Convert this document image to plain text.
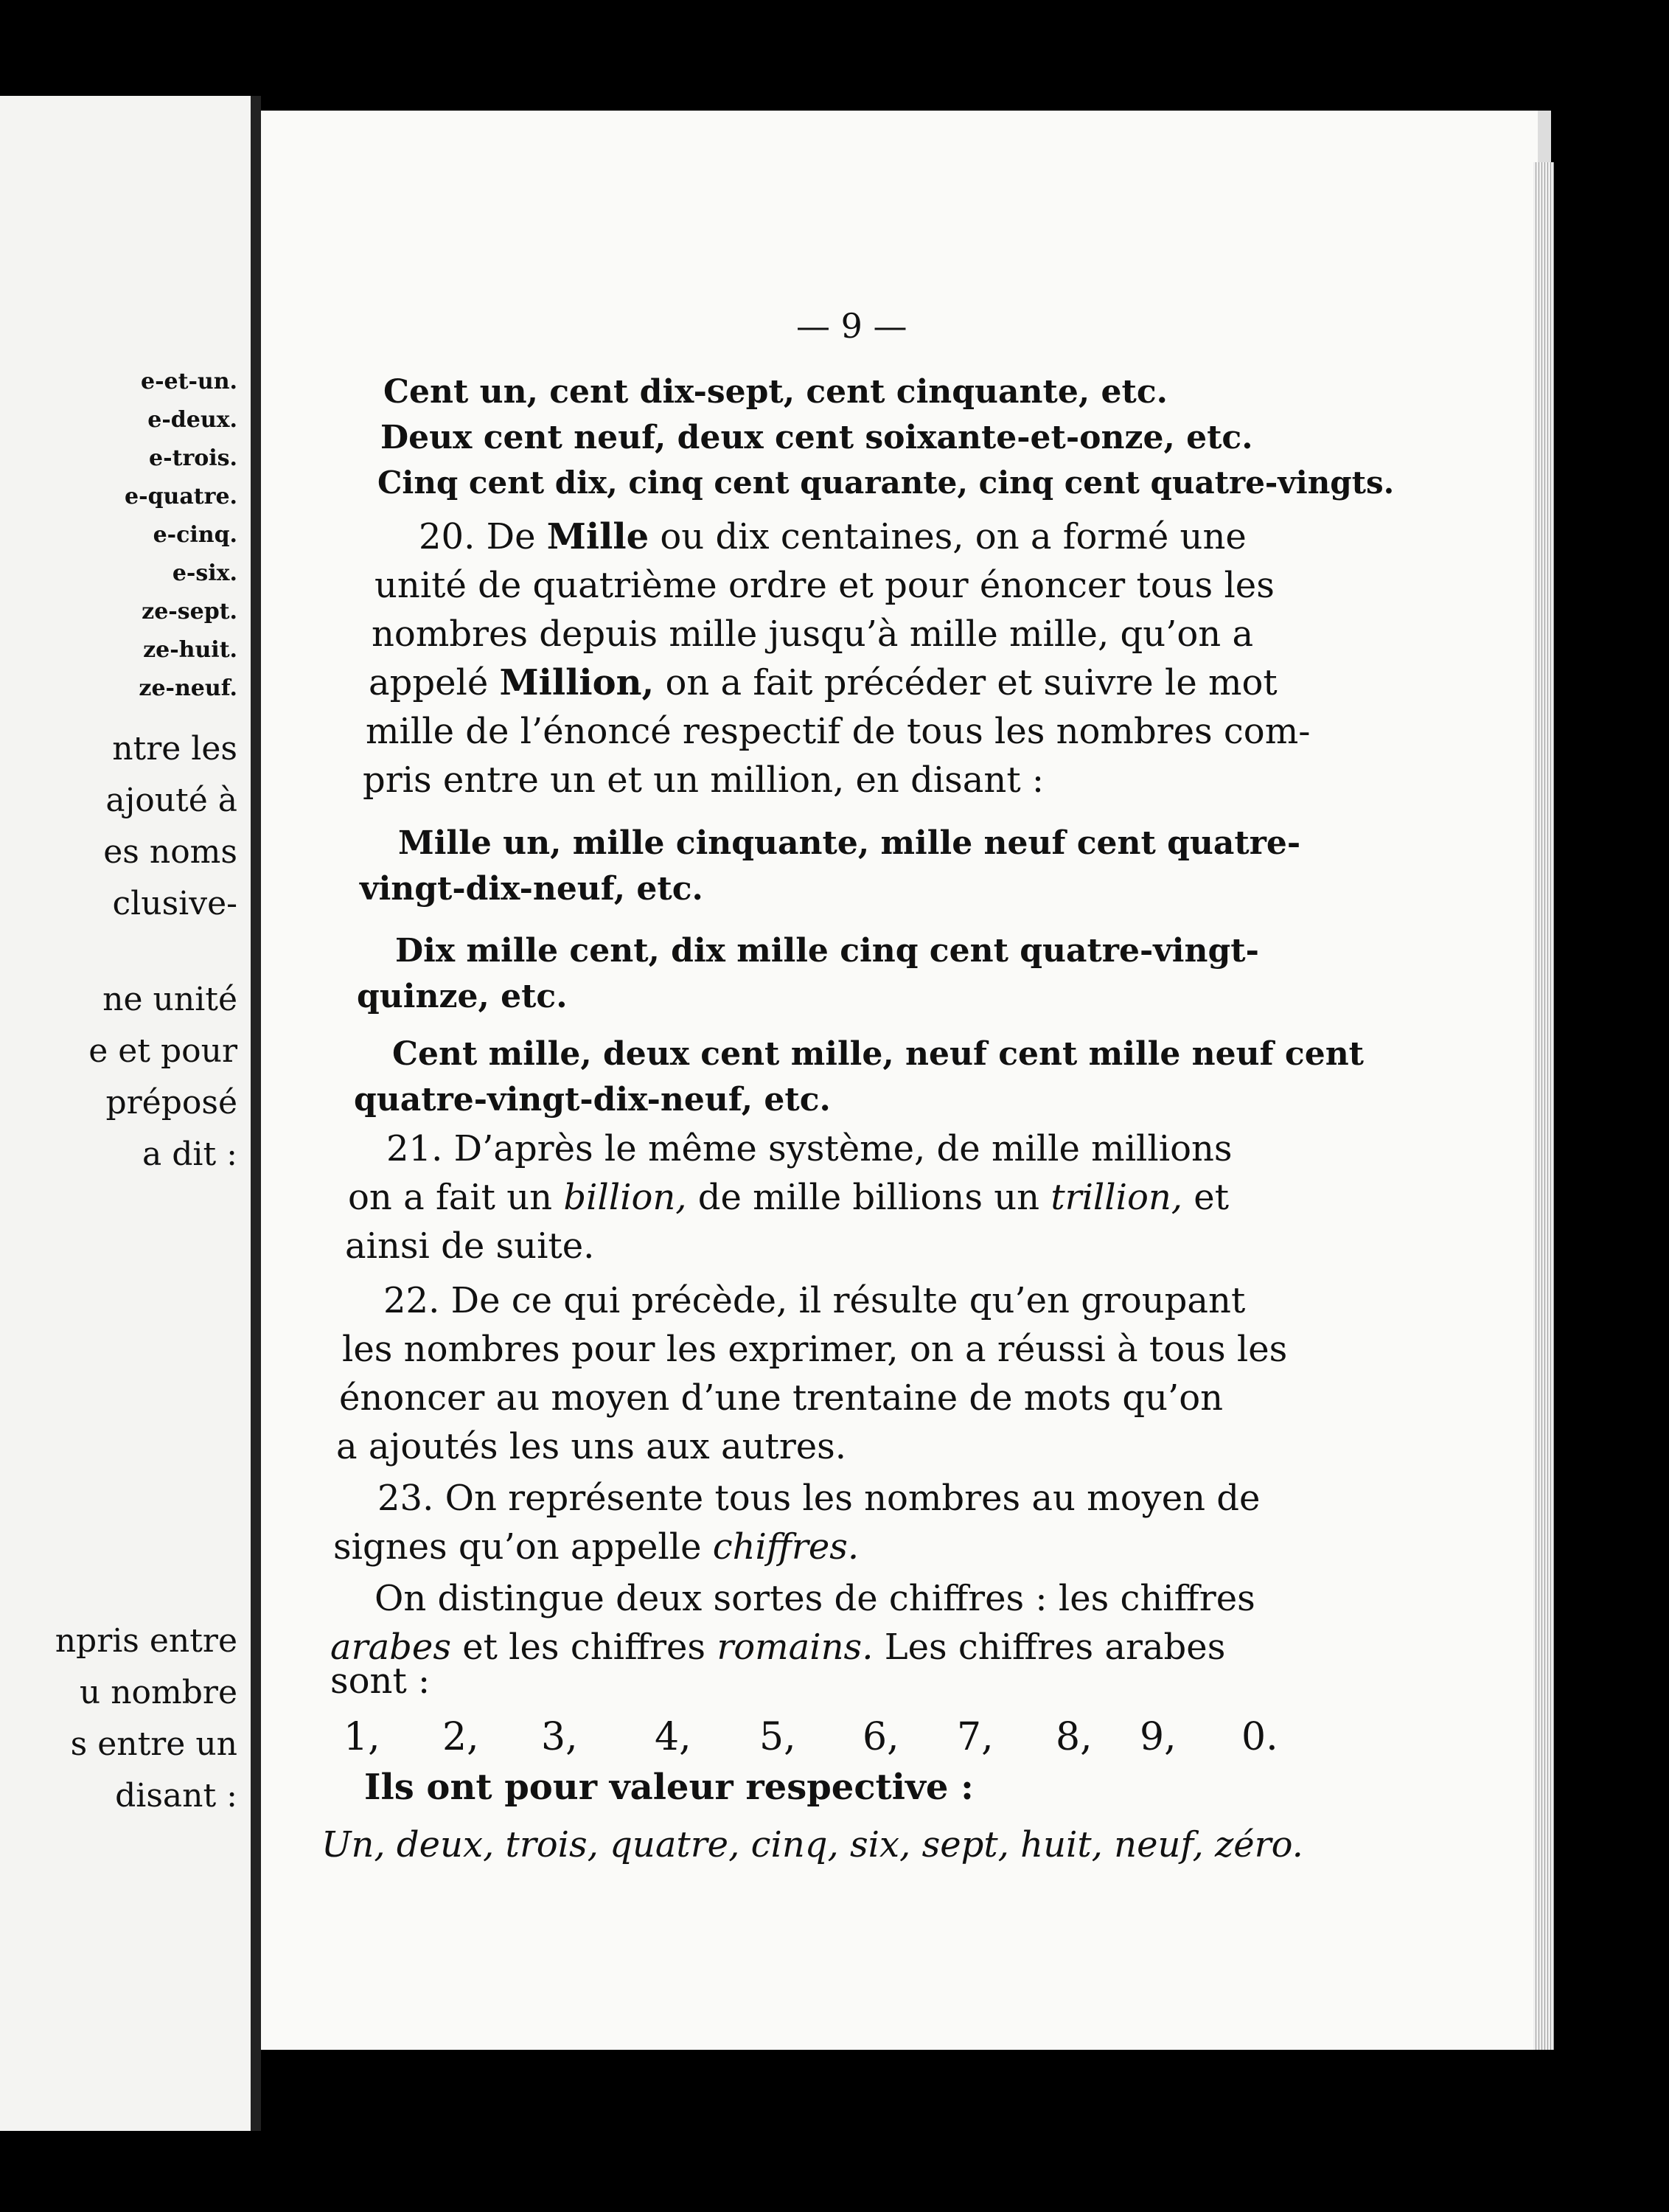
e-et-un.
e-deux.
e-trois.
e-quatre.
e-cinq.
e-six.
ze-sept.
ze-huit.
ze-neuf.
ntre les
ajouté à
es noms
clusive-
ne unité
e et pour
préposé
a dit :
npris entre
u nombre
s entre un
disant :
— 9 —
Cent un, cent dix-sept, cent cinquante, etc.
Deux cent neuf, deux cent soixante-et-onze, etc.
Cinq cent dix, cinq cent quarante, cinq cent quatre-vingts.
20. De Mille ou dix centaines, on a formé une
unité de quatrième ordre et pour énoncer tous les
nombres depuis mille jusqu’à mille mille, qu’on a
appelé Million, on a fait précéder et suivre le mot
mille de l’énoncé respectif de tous les nombres com-
pris entre un et un million, en disant :
Mille un, mille cinquante, mille neuf cent quatre-
vingt-dix-neuf, etc.
Dix mille cent, dix mille cinq cent quatre-vingt-
quinze, etc.
Cent mille, deux cent mille, neuf cent mille neuf cent
quatre-vingt-dix-neuf, etc.
21. D’après le même système, de mille millions
on a fait un billion, de mille billions un trillion, et
ainsi de suite.
22. De ce qui précède, il résulte qu’en groupant
les nombres pour les exprimer, on a réussi à tous les
énoncer au moyen d’une trentaine de mots qu’on
a ajoutés les uns aux autres.
23. On représente tous les nombres au moyen de
signes qu’on appelle chiffres.
On distingue deux sortes de chiffres : les chiffres
arabes et les chiffres romains. Les chiffres arabes
sont :
1, 2, 3, 4, 5, 6, 7, 8, 9, 0.
Ils ont pour valeur respective :
Un, deux, trois, quatre, cinq, six, sept, huit, neuf, zéro.
